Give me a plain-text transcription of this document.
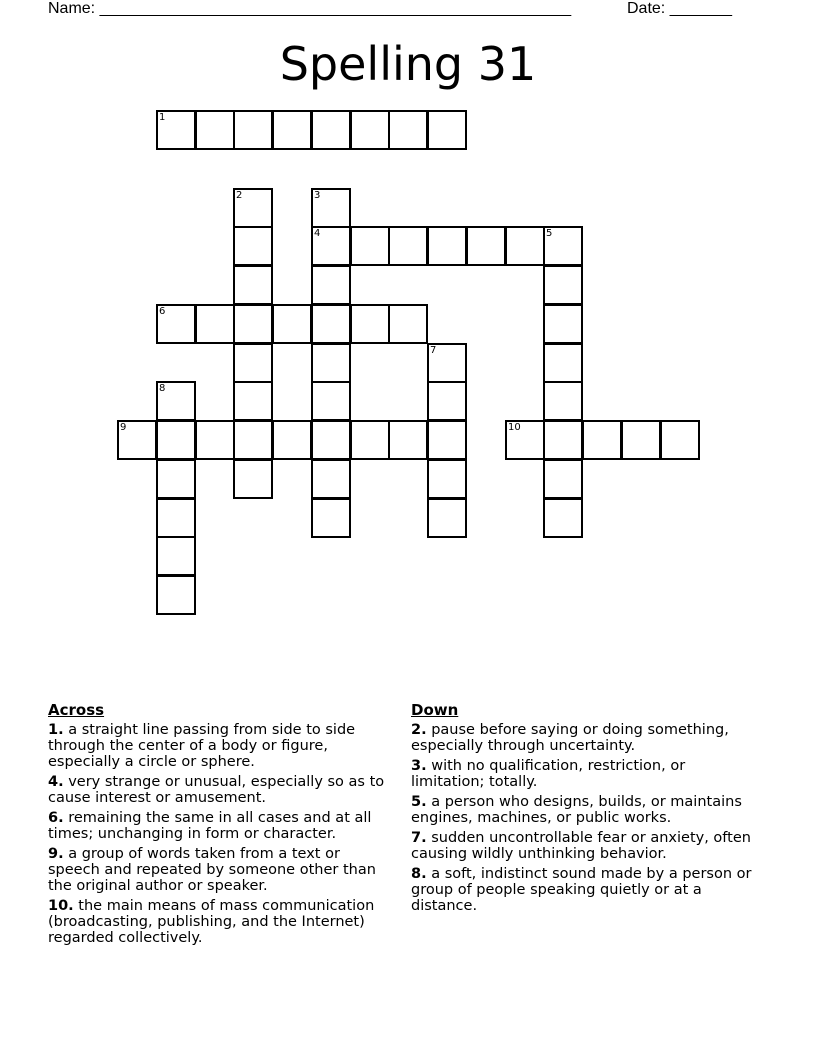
Name: _____________________________________________________	Date: _______
Spelling 31
1
2	3
4	5
6
7
8
9	10
Across
1. a straight line passing from side to side through the center of a body or figure, especially a circle or sphere.
4. very strange or unusual, especially so as to cause interest or amusement.
6. remaining the same in all cases and at all times; unchanging in form or character.
9. a group of words taken from a text or speech and repeated by someone other than the original author or speaker.
10. the main means of mass communication (broadcasting, publishing, and the Internet) regarded collectively.
Down
2. pause before saying or doing something, especially through uncertainty.
3. with no qualification, restriction, or limitation; totally.
5. a person who designs, builds, or maintains engines, machines, or public works.
7. sudden uncontrollable fear or anxiety, often causing wildly unthinking behavior.
8. a soft, indistinct sound made by a person or group of people speaking quietly or at a distance.
